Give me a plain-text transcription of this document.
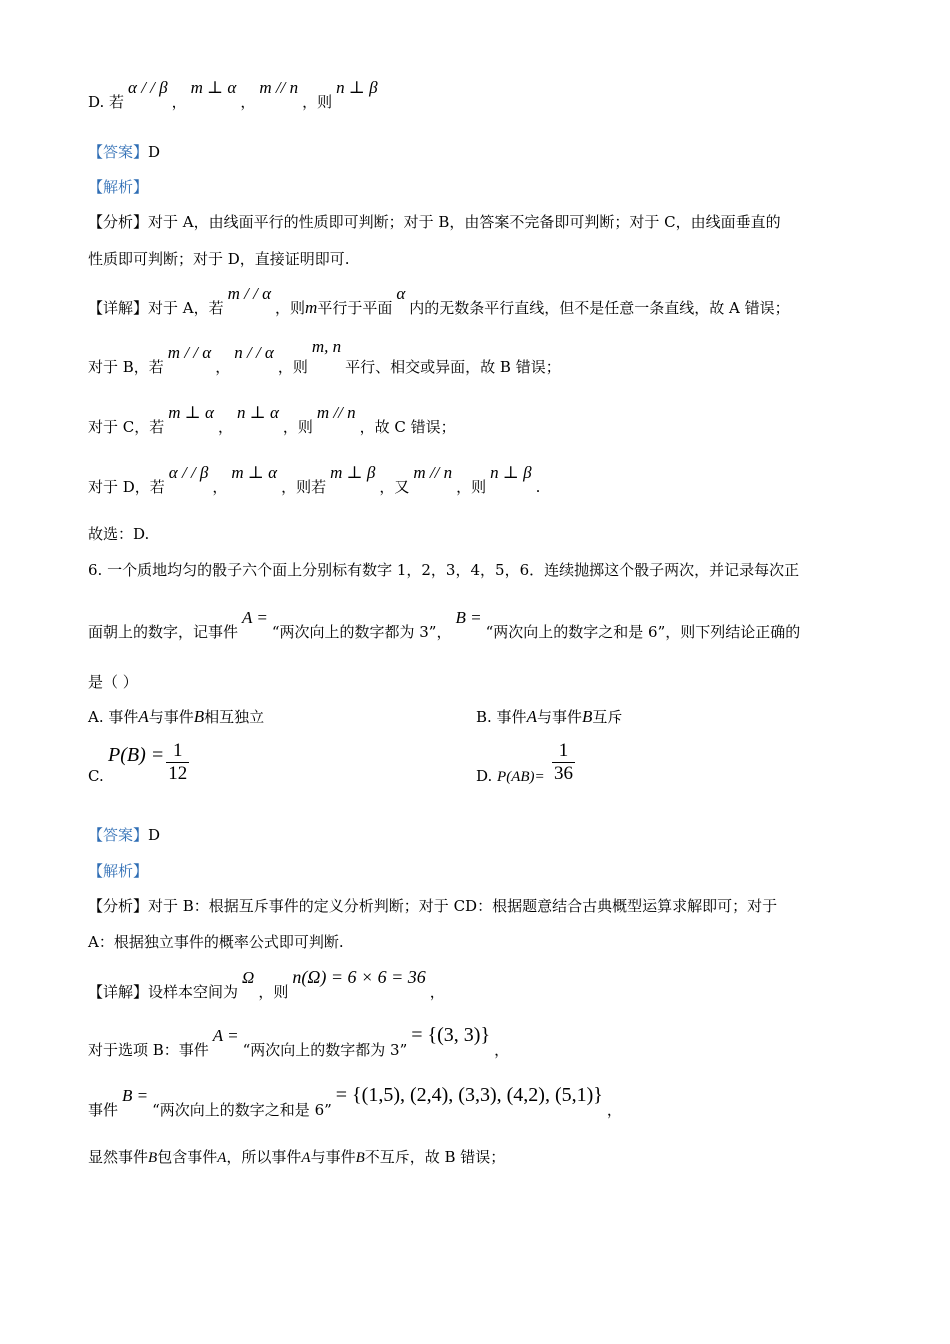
D. 若α / / β，m ⊥ α，m // n，则n ⊥ β
【答案】D
【解析】
【分析】对于 A，由线面平行的性质即可判断；对于 B，由答案不完备即可判断；对于 C，由线面垂直的
性质即可判断；对于 D，直接证明即可.
【详解】对于 A，若m / / α，则m平行于平面α内的无数条平行直线，但不是任意一条直线，故 A 错误；
对于 B，若m / / α，n / / α，则m, n平行、相交或异面，故 B 错误；
对于 C，若m ⊥ α，n ⊥ α，则m // n，故 C 错误；
对于 D，若α / / β，m ⊥ α，则若m ⊥ β，又m // n，则n ⊥ β.
故选：D.
6. 一个质地均匀的骰子六个面上分别标有数字 1，2，3，4，5，6．连续抛掷这个骰子两次，并记录每次正
面朝上的数字，记事件A =“两次向上的数字都为 3”，B =“两次向上的数字之和是 6”，则下列结论正确的
是（ ）
A. 事件A与事件B相互独立	B. 事件A与事件B互斥
C.
$P(B) = \frac{1}{12}$	D. $P(AB)= \frac{1}{36}$
【答案】D
【解析】
【分析】对于 B：根据互斥事件的定义分析判断；对于 CD：根据题意结合古典概型运算求解即可；对于
A：根据独立事件的概率公式即可判断.
【详解】设样本空间为Ω，则n(Ω) = 6 × 6 = 36，
对于选项 B：事件A =“两次向上的数字都为 3”= {(3, 3)}，
事件B =“两次向上的数字之和是 6”= {(1,5), (2,4), (3,3), (4,2), (5,1)}，
显然事件B包含事件A，所以事件A与事件B不互斥，故 B 错误；
